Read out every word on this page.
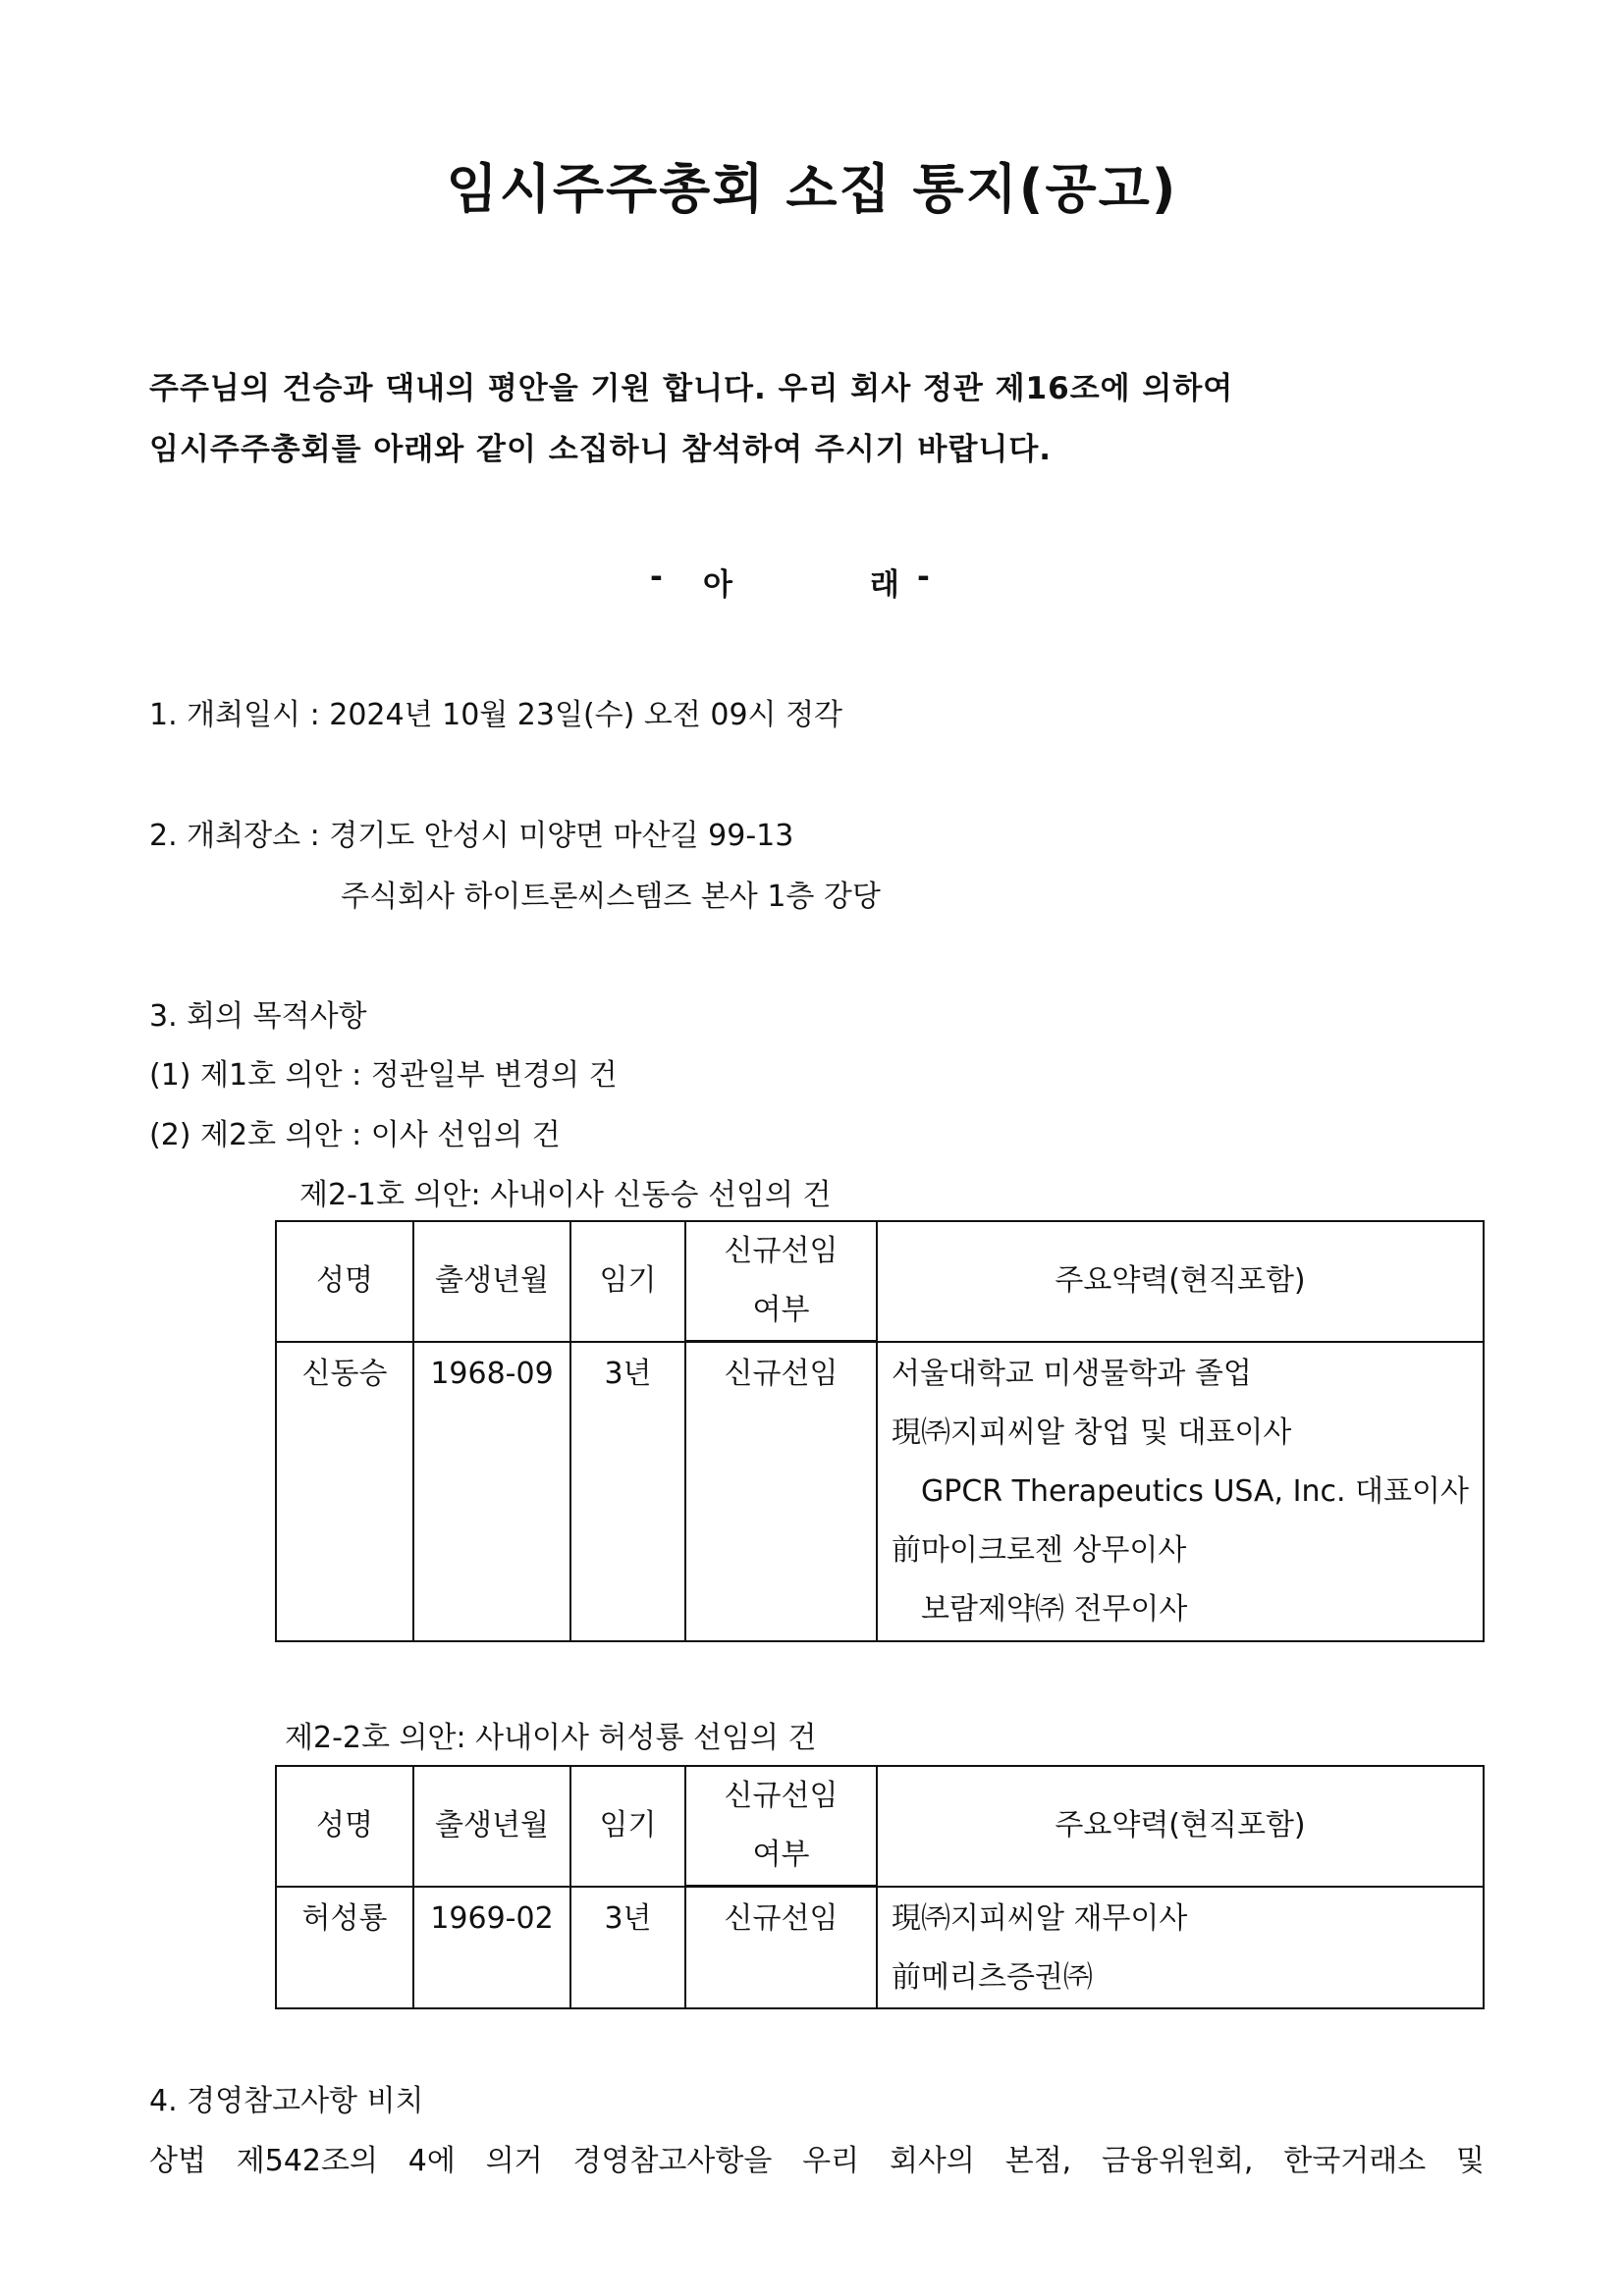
임시주주총회 소집 통지(공고)
주주님의 건승과 댁내의 평안을 기원 합니다. 우리 회사 정관 제16조에 의하여
임시주주총회를 아래와 같이 소집하니 참석하여 주시기 바랍니다.
- 아	래 -
1. 개최일시 : 2024년 10월 23일(수) 오전 09시 정각
2. 개최장소 : 경기도 안성시 미양면 마산길 99-13
주식회사 하이트론씨스템즈 본사 1층 강당
3. 회의 목적사항
(1) 제1호 의안 : 정관일부 변경의 건
(2) 제2호 의안 : 이사 선임의 건
제2-1호 의안: 사내이사 신동승 선임의 건
성명	출생년월	임기	신규선임	주요약력(현직포함)
			여부	
신동승	1968-09	3년	신규선임	서울대학교 미생물학과 졸업
現㈜지피씨알 창업 및 대표이사
GPCR Therapeutics USA, Inc. 대표이사
前마이크로젠 상무이사
보람제약㈜ 전무이사
제2-2호 의안: 사내이사 허성룡 선임의 건
성명	출생년월	임기	신규선임	주요약력(현직포함)
			여부	
허성룡	1969-02	3년	신규선임	現㈜지피씨알 재무이사
前메리츠증권㈜
4. 경영참고사항 비치
상법 제542조의 4에 의거 경영참고사항을 우리 회사의 본점, 금융위원회, 한국거래소 및
